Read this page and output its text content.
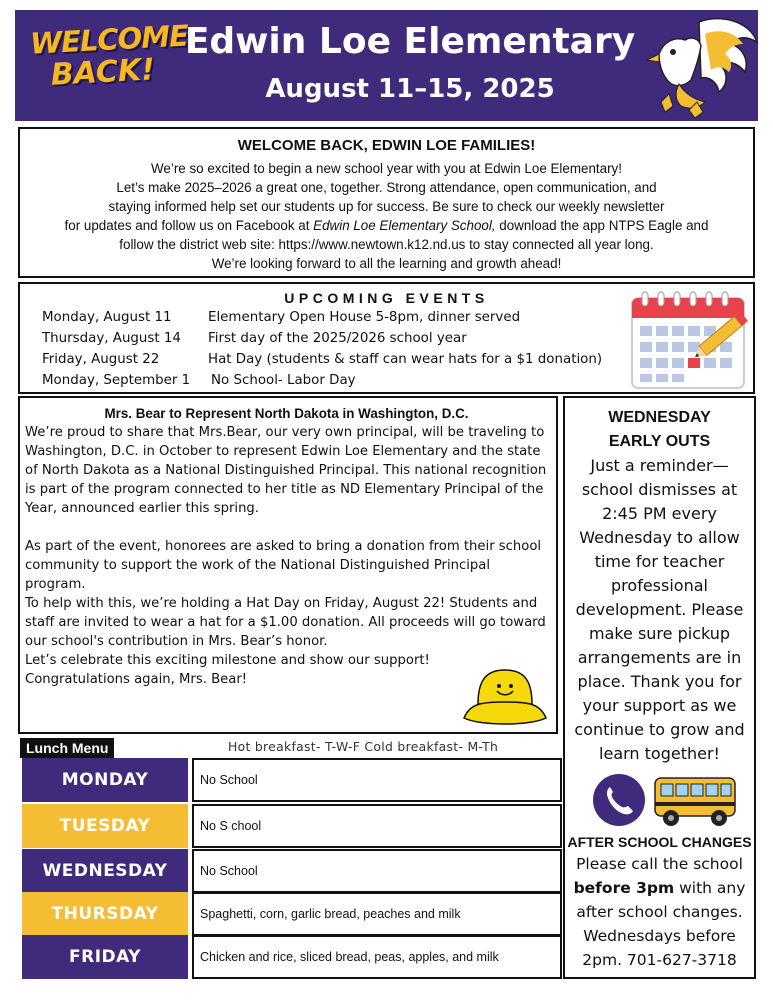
WELCOME
BACK!
Edwin Loe Elementary
August 11–15, 2025
WELCOME BACK, EDWIN LOE FAMILIES!

We’re so excited to begin a new school year with you at Edwin Loe Elementary!

Let’s make 2025–2026 a great one, together. Strong attendance, open communication, and

staying informed help set our students up for success. Be sure to check our weekly newsletter

for updates and follow us on Facebook at Edwin Loe Elementary School, download the app NTPS Eagle and

follow the district web site: https://www.newtown.k12.nd.us to stay connected all year long.

We’re looking forward to all the learning and growth ahead!

UPCOMING EVENTS
Monday, August 11	Elementary Open House 5-8pm, dinner served
Thursday, August 14 First day of the 2025/2026 school year
Friday, August 22	Hat Day (students & staff can wear hats for a $1 donation)
Monday, September 1 No School- Labor Day
Mrs. Bear to Represent North Dakota in Washington, D.C.

We’re proud to share that Mrs.Bear, our very own principal, will be traveling to Washington, D.C. in October to represent Edwin Loe Elementary and the state of North Dakota as a National Distinguished Principal. This national recognition is part of the program connected to her title as ND Elementary Principal of the Year, announced earlier this spring.

As part of the event, honorees are asked to bring a donation from their school community to support the work of the National Distinguished Principal program.

To help with this, we’re holding a Hat Day on Friday, August 22! Students and staff are invited to wear a hat for a $1.00 donation. All proceeds will go toward our school's contribution in Mrs. Bear’s honor.

Let’s celebrate this exciting milestone and show our support!

Congratulations again, Mrs. Bear!

WEDNESDAY
EARLY OUTS
Just a reminder—school dismisses at 2:45 PM every Wednesday to allow time for teacher professional development. Please make sure pickup arrangements are in place. Thank you for your support as we continue to grow and learn together!
AFTER SCHOOL CHANGES
Please call the school before 3pm with any after school changes. Wednesdays before 2pm. 701-627-3718
Lunch Menu	Hot breakfast- T-W-F Cold breakfast- M-Th
MONDAY	No School
TUESDAY	No S chool
WEDNESDAY	No School
THURSDAY	Spaghetti, corn, garlic bread, peaches and milk
FRIDAY	Chicken and rice, sliced bread, peas, apples, and milk
